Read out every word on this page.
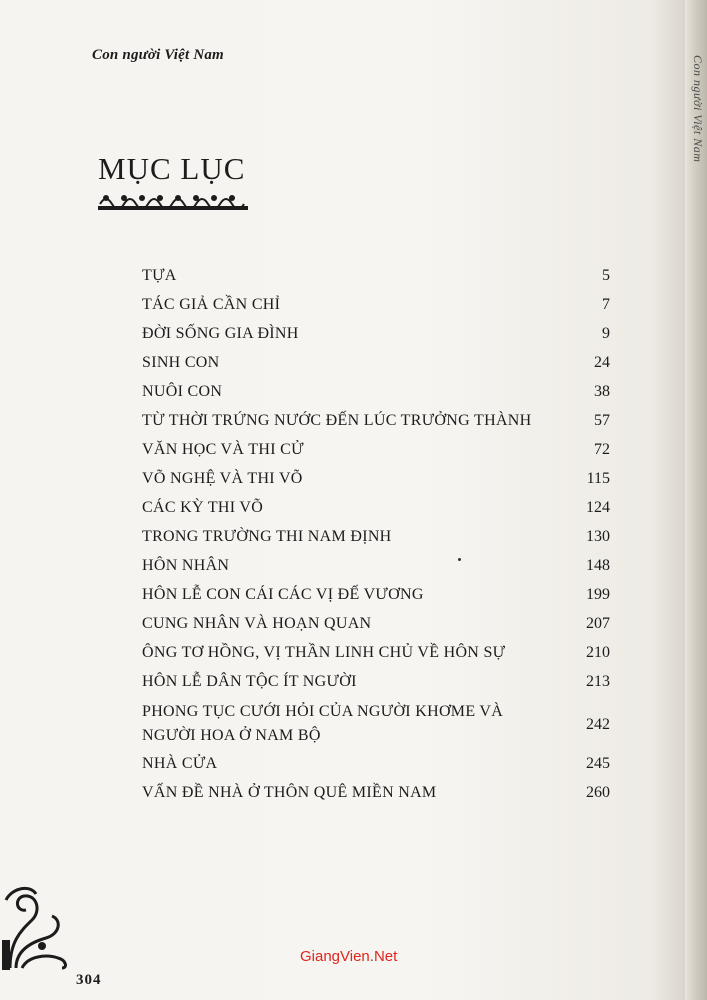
Con người Việt Nam
Con người Việt Nam
MỤC LỤC
TỰA	5
TÁC GIẢ CẦN CHỈ	7
ĐỜI SỐNG GIA ĐÌNH	9
SINH CON	24
NUÔI CON	38
TỪ THỜI TRỨNG NƯỚC ĐẾN LÚC TRƯỞNG THÀNH	57
VĂN HỌC VÀ THI CỬ	72
VÕ NGHỆ VÀ THI VÕ	115
CÁC KỲ THI VÕ	124
TRONG TRƯỜNG THI NAM ĐỊNH	130
HÔN NHÂN	148
HÔN LỄ CON CÁI CÁC VỊ ĐẾ VƯƠNG	199
CUNG NHÂN VÀ HOẠN QUAN	207
ÔNG TƠ HỒNG, VỊ THẦN LINH CHỦ VỀ HÔN SỰ	210
HÔN LỄ DÂN TỘC ÍT NGƯỜI	213
PHONG TỤC CƯỚI HỎI CỦA NGƯỜI KHƠME VÀ NGƯỜI HOA Ở NAM BỘ
242
NHÀ CỬA	245
VẤN ĐỀ NHÀ Ở THÔN QUÊ MIỀN NAM	260
304
GiangVien.Net
